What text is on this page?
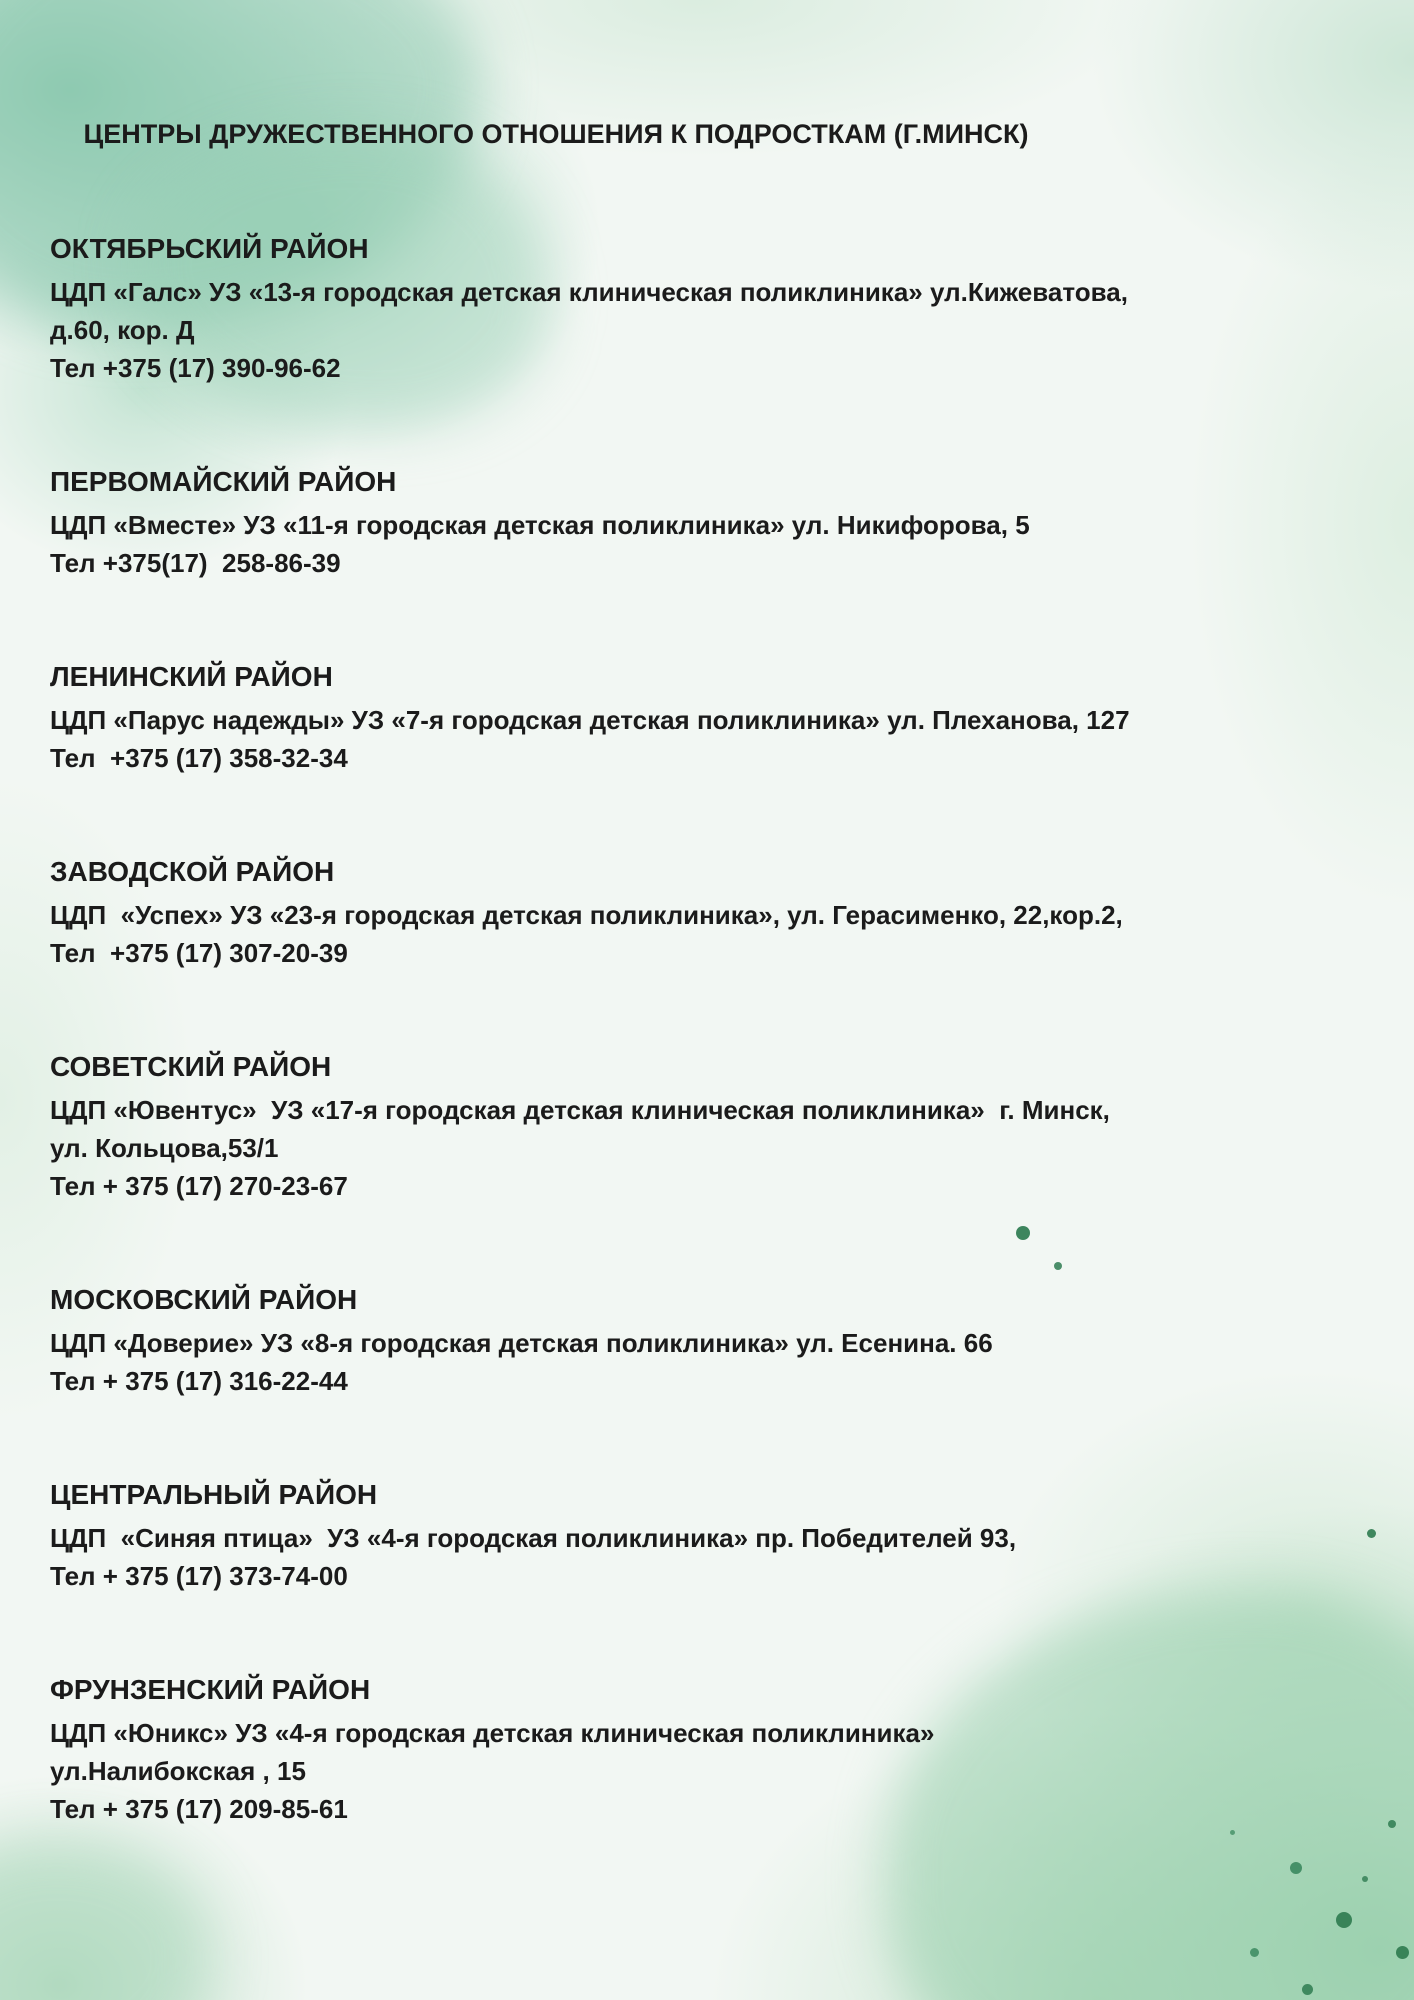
ЦЕНТРЫ ДРУЖЕСТВЕННОГО ОТНОШЕНИЯ К ПОДРОСТКАМ (Г.МИНСК)
ОКТЯБРЬСКИЙ РАЙОН
ЦДП «Галс» УЗ «13-я городская детская клиническая поликлиника» ул.Кижеватова,
д.60, кор. Д
Тел +375 (17) 390-96-62
ПЕРВОМАЙСКИЙ РАЙОН
ЦДП «Вместе» УЗ «11-я городская детская поликлиника» ул. Никифорова, 5
Тел +375(17)  258-86-39
ЛЕНИНСКИЙ РАЙОН
ЦДП «Парус надежды» УЗ «7-я городская детская поликлиника» ул. Плеханова, 127
Тел  +375 (17) 358-32-34
ЗАВОДСКОЙ РАЙОН
ЦДП  «Успех» УЗ «23-я городская детская поликлиника», ул. Герасименко, 22,кор.2,
Тел  +375 (17) 307-20-39
СОВЕТСКИЙ РАЙОН
ЦДП «Ювентус»  УЗ «17-я городская детская клиническая поликлиника»  г. Минск,
ул. Кольцова,53/1
Тел + 375 (17) 270-23-67
МОСКОВСКИЙ РАЙОН
ЦДП «Доверие» УЗ «8-я городская детская поликлиника» ул. Есенина. 66
Тел + 375 (17) 316-22-44
ЦЕНТРАЛЬНЫЙ РАЙОН
ЦДП  «Синяя птица»  УЗ «4-я городская поликлиника» пр. Победителей 93,
Тел + 375 (17) 373-74-00
ФРУНЗЕНСКИЙ РАЙОН
ЦДП «Юникс» УЗ «4-я городская детская клиническая поликлиника»
ул.Налибокская , 15
Тел + 375 (17) 209-85-61
